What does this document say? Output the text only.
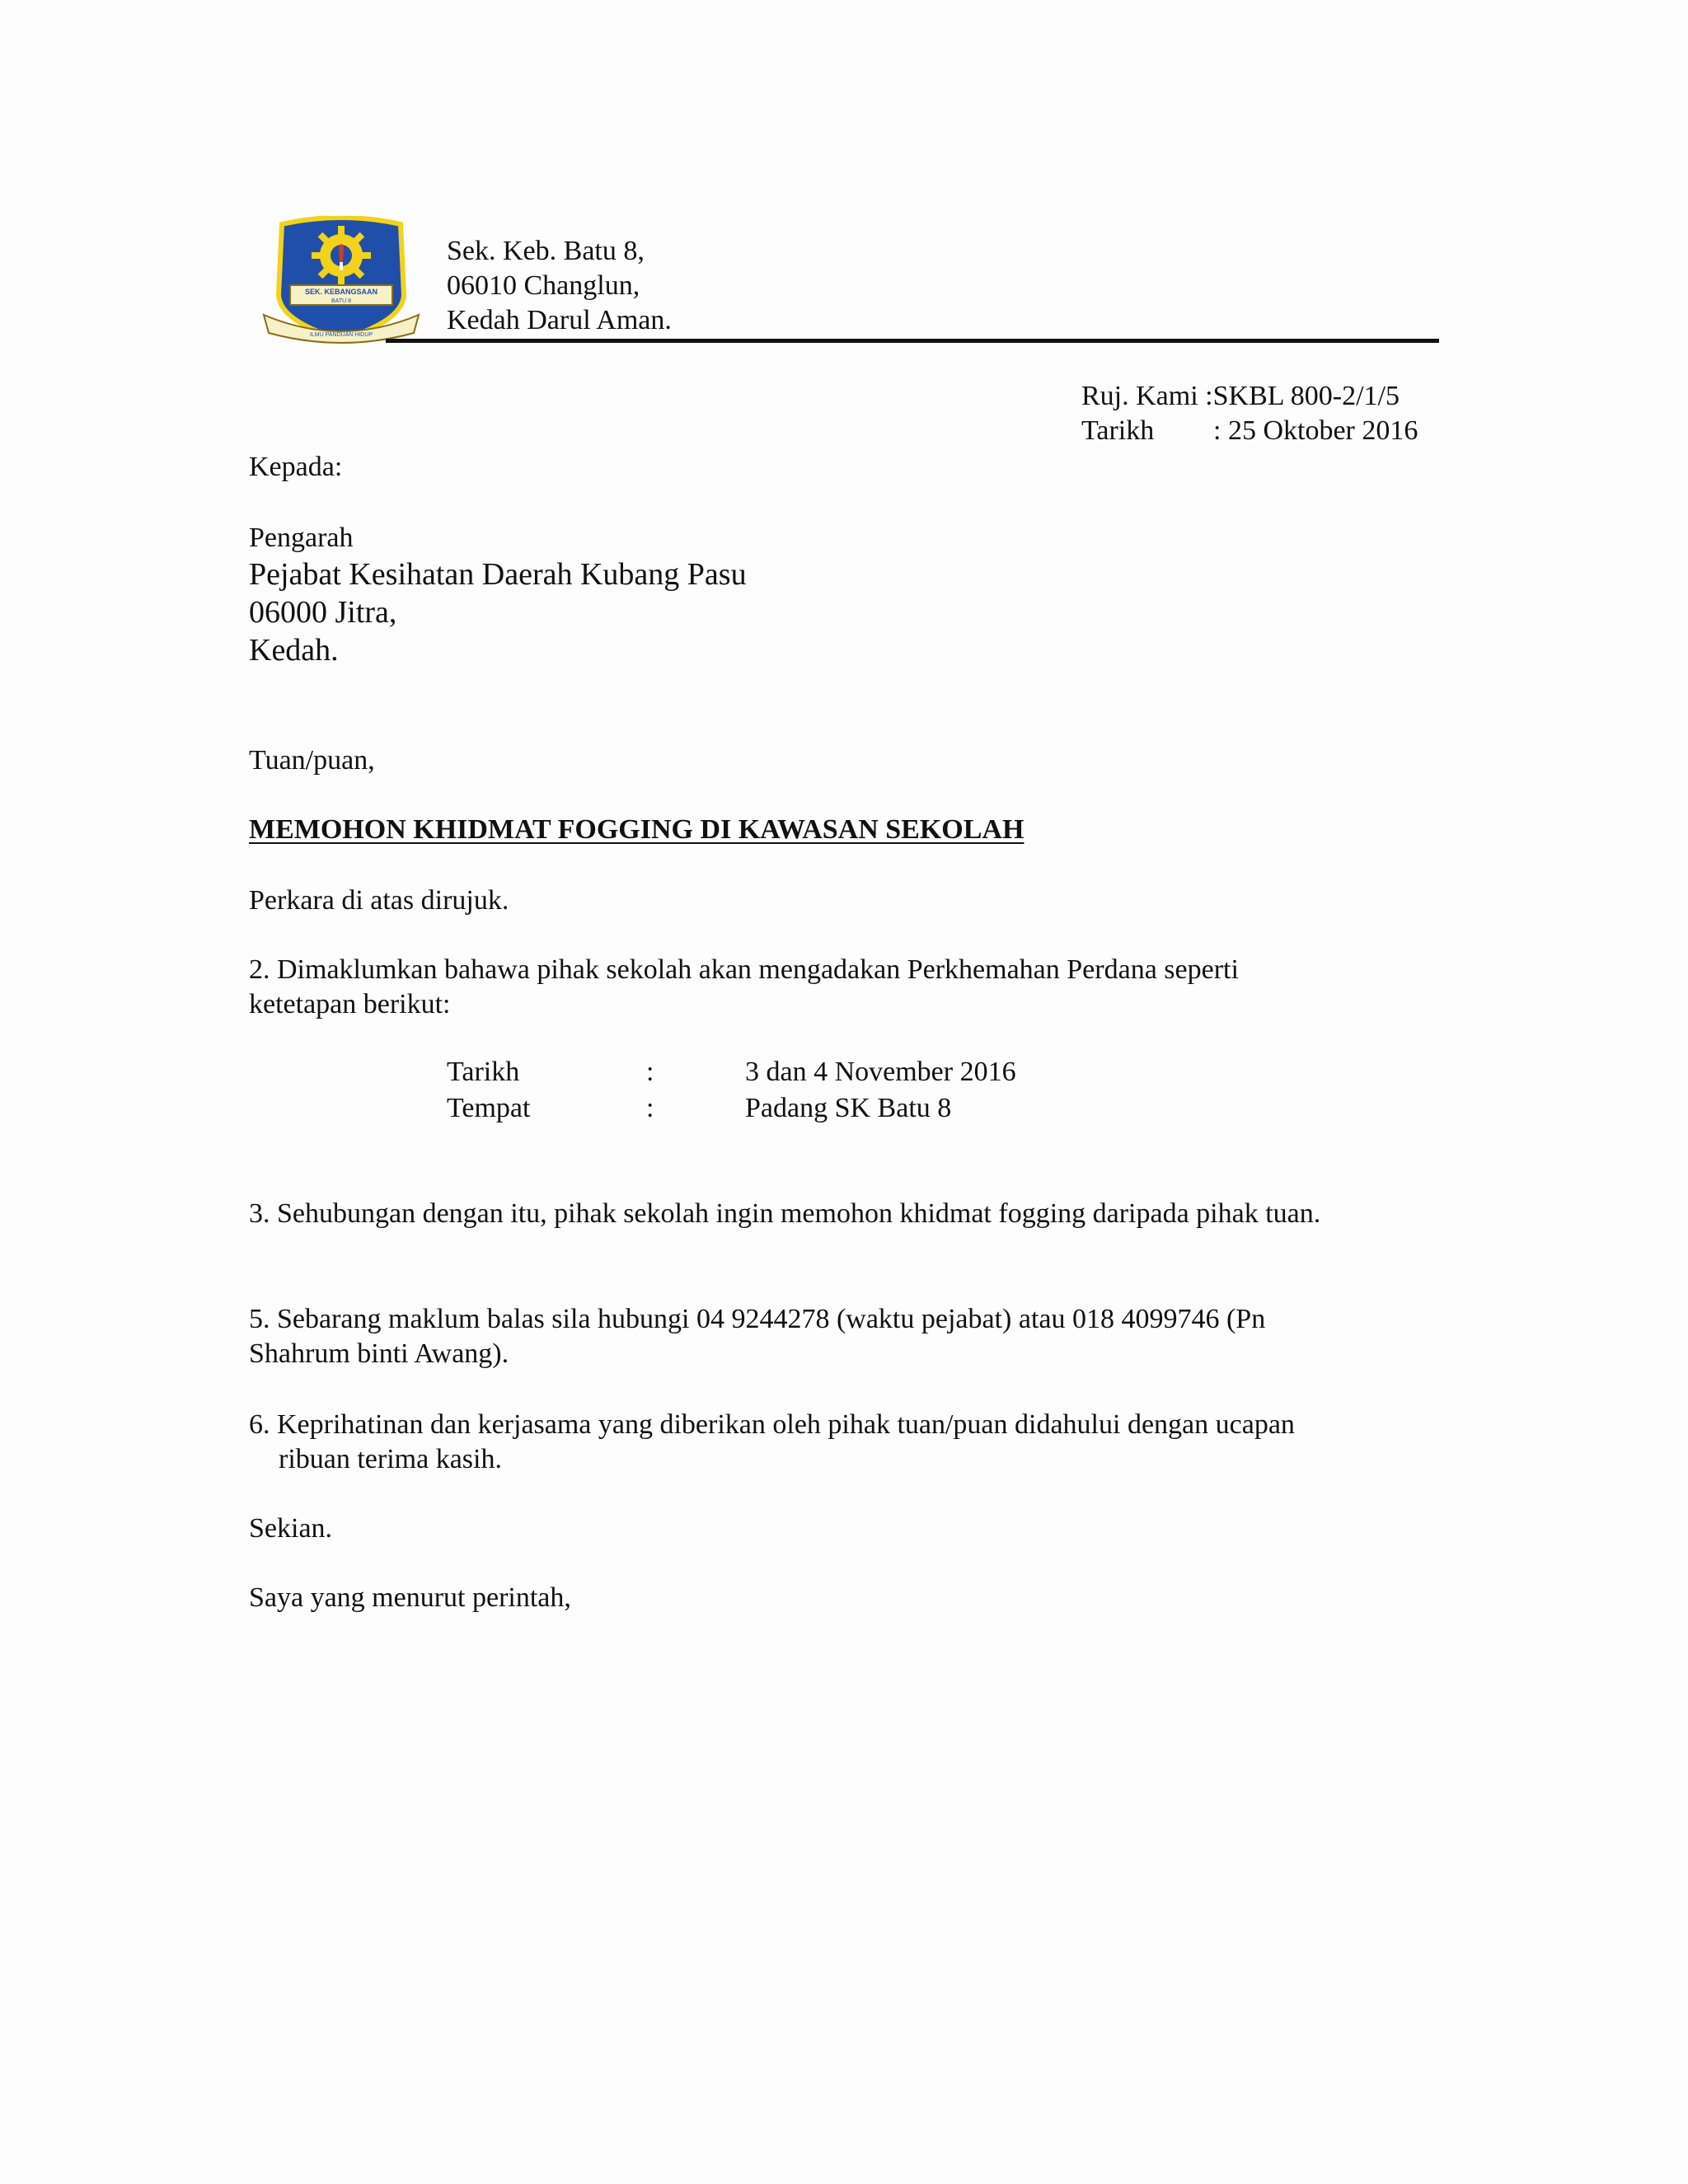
SEK. KEBANGSAAN
BATU 8
ILMU PANDUAN HIDUP
Sek. Keb. Batu 8,
06010 Changlun,
Kedah Darul Aman.
Ruj. Kami : SKBL 800-2/1/5
Tarikh	: 25 Oktober 2016
Kepada:
Pengarah
Pejabat Kesihatan Daerah Kubang Pasu
06000 Jitra,
Kedah.
Tuan/puan,
MEMOHON KHIDMAT FOGGING DI KAWASAN SEKOLAH
Perkara di atas dirujuk.
2. Dimaklumkan bahawa pihak sekolah akan mengadakan Perkhemahan Perdana seperti
ketetapan berikut:
Tarikh	:	3 dan 4 November 2016
Tempat	:	Padang SK Batu 8
3. Sehubungan dengan itu, pihak sekolah ingin memohon khidmat fogging daripada pihak tuan.
5. Sebarang maklum balas sila hubungi 04 9244278 (waktu pejabat) atau 018 4099746 (Pn
Shahrum binti Awang).
6. Keprihatinan dan kerjasama yang diberikan oleh pihak tuan/puan didahului dengan ucapan
ribuan terima kasih.
Sekian.
Saya yang menurut perintah,
